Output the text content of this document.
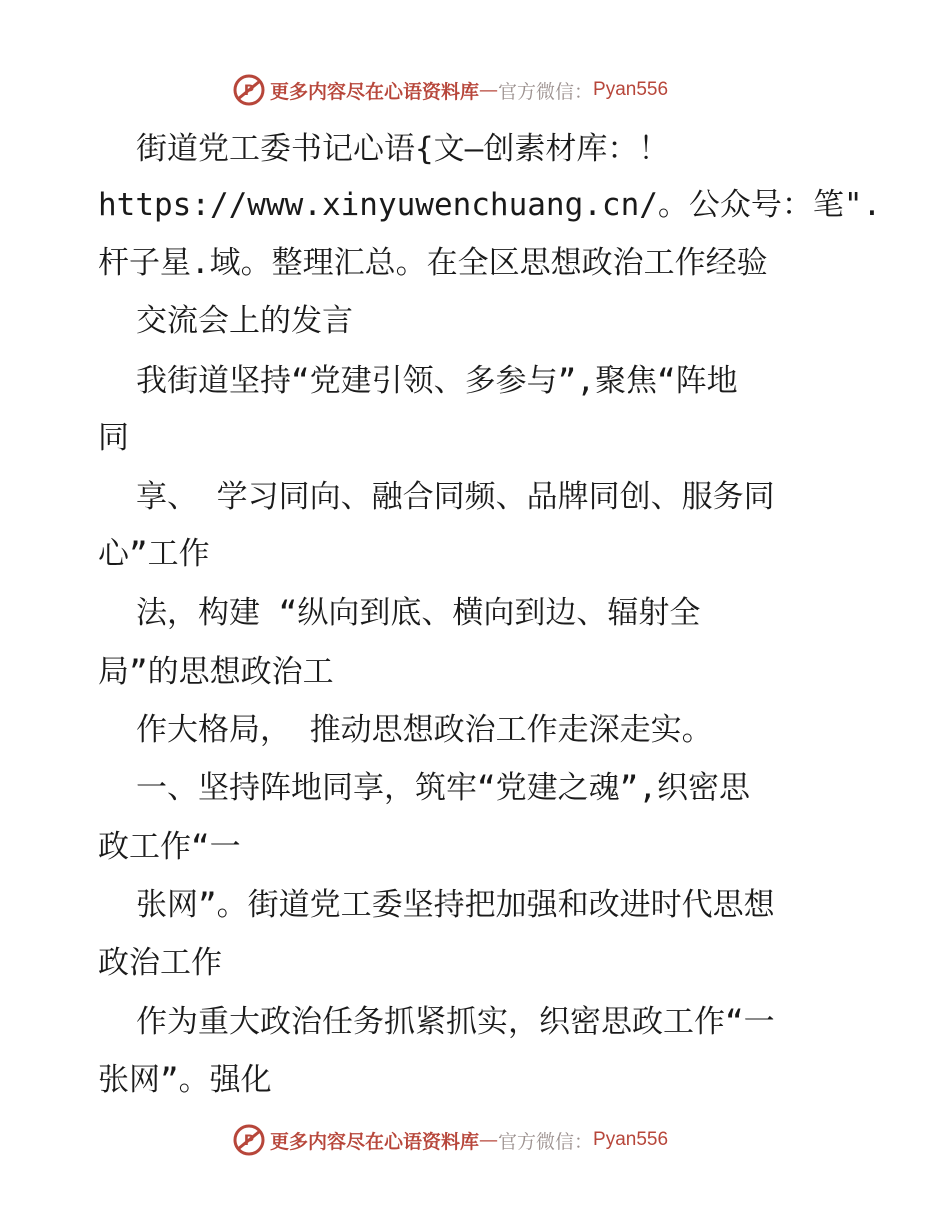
P 更多内容尽在心语资料库 — 官方微信： Pyan556
街道党工委书记心语{文—创素材库：！
https://www.xinyuwenchuang.cn/。公众号：笔".
杆子星.域。整理汇总。在全区思想政治工作经验
交流会上的发言
我街道坚持“党建引领、多参与”,聚焦“阵地
同
享、 学习同向、融合同频、品牌同创、服务同
心”工作
法，构建 “纵向到底、横向到边、辐射全
局”的思想政治工
作大格局， 推动思想政治工作走深走实。
一、坚持阵地同享，筑牢“党建之魂”,织密思
政工作“一
张网”。街道党工委坚持把加强和改进时代思想
政治工作
作为重大政治任务抓紧抓实，织密思政工作“一
张网”。强化
P 更多内容尽在心语资料库 — 官方微信： Pyan556
